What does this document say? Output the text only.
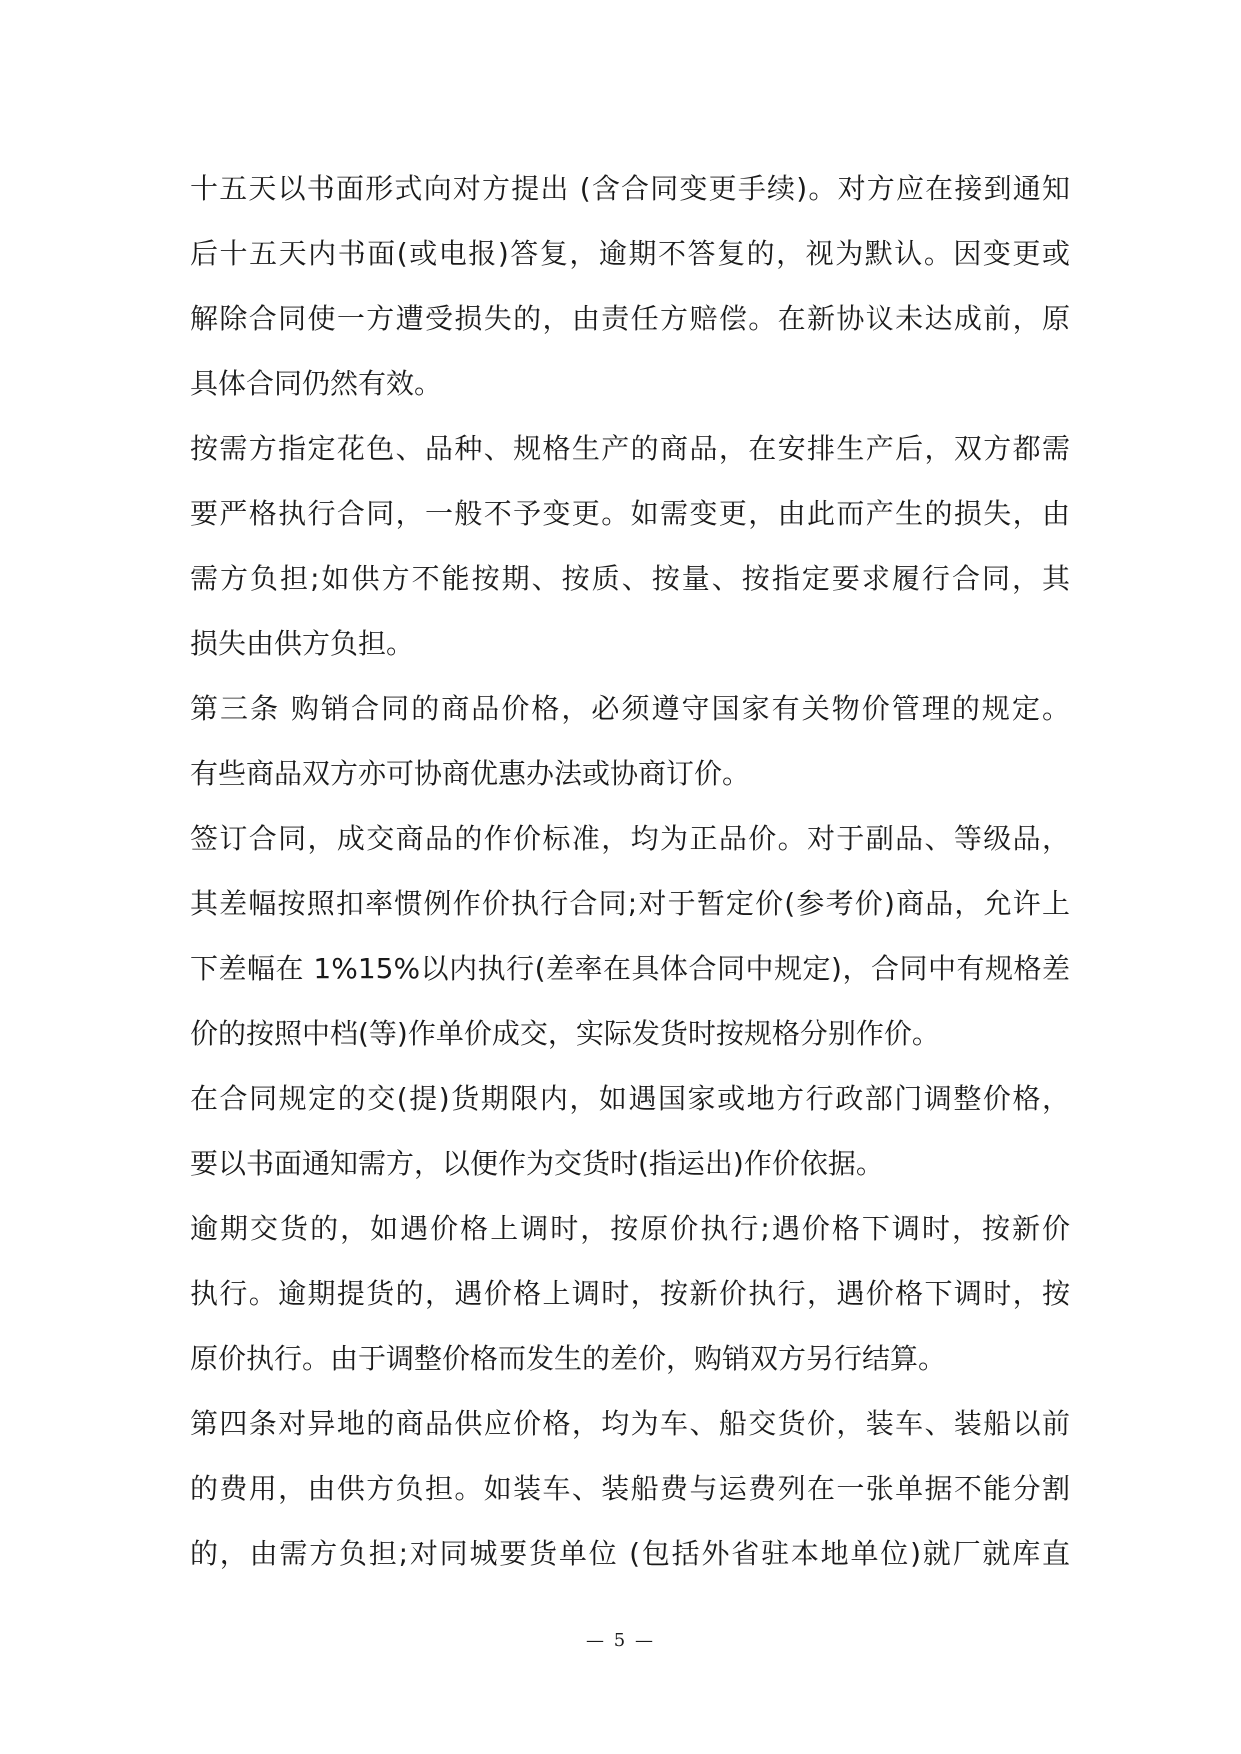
十五天以书面形式向对方提出 (含合同变更手续)。对方应在接到通知
后十五天内书面(或电报)答复，逾期不答复的，视为默认。因变更或
解除合同使一方遭受损失的，由责任方赔偿。在新协议未达成前，原
具体合同仍然有效。
按需方指定花色、品种、规格生产的商品，在安排生产后，双方都需
要严格执行合同，一般不予变更。如需变更，由此而产生的损失，由
需方负担;如供方不能按期、按质、按量、按指定要求履行合同，其
损失由供方负担。
第三条 购销合同的商品价格，必须遵守国家有关物价管理的规定。
有些商品双方亦可协商优惠办法或协商订价。
签订合同，成交商品的作价标准，均为正品价。对于副品、等级品，
其差幅按照扣率惯例作价执行合同;对于暂定价(参考价)商品，允许上
下差幅在 1%15%以内执行(差率在具体合同中规定)，合同中有规格差
价的按照中档(等)作单价成交，实际发货时按规格分别作价。
在合同规定的交(提)货期限内，如遇国家或地方行政部门调整价格，
要以书面通知需方，以便作为交货时(指运出)作价依据。
逾期交货的，如遇价格上调时，按原价执行;遇价格下调时，按新价
执行。逾期提货的，遇价格上调时，按新价执行，遇价格下调时，按
原价执行。由于调整价格而发生的差价，购销双方另行结算。
第四条对异地的商品供应价格，均为车、船交货价，装车、装船以前
的费用，由供方负担。如装车、装船费与运费列在一张单据不能分割
的，由需方负担;对同城要货单位 (包括外省驻本地单位)就厂就库直
— 5 —
